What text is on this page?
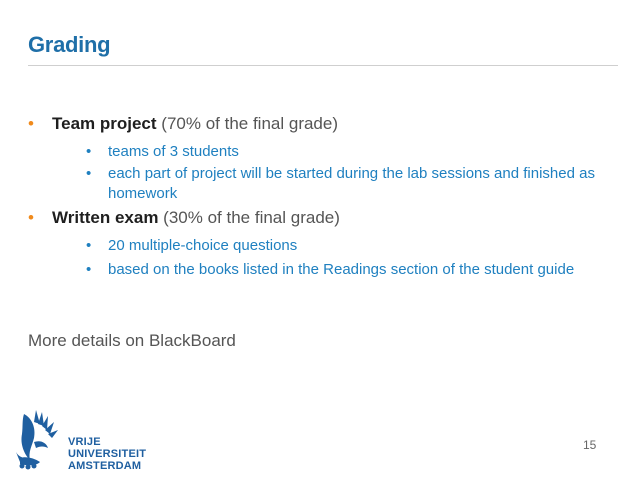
Grading
• Team project (70% of the final grade)
•	teams of 3 students
•	each part of project will be started during the lab sessions and finished as homework
• Written exam (30% of the final grade)
•	20 multiple-choice questions
•	based on the books listed in the Readings section of the student guide
More details on BlackBoard
VRIJE
UNIVERSITEIT
AMSTERDAM
15
